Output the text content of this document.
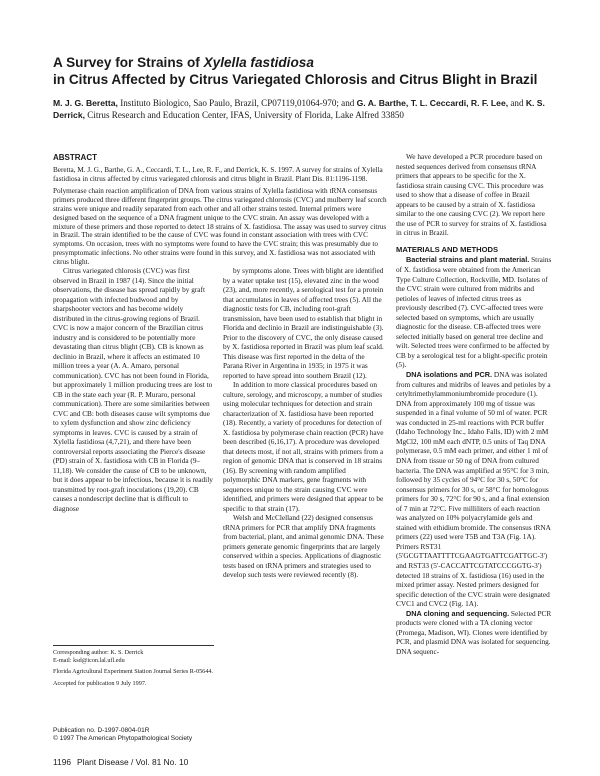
A Survey for Strains of Xylella fastidiosa
in Citrus Affected by Citrus Variegated Chlorosis and Citrus Blight in Brazil
M. J. G. Beretta, Instituto Biologico, Sao Paulo, Brazil, CP07119,01064-970; and G. A. Barthe, T. L. Ceccardi, R. F. Lee, and K. S. Derrick, Citrus Research and Education Center, IFAS, University of Florida, Lake Alfred 33850
ABSTRACT

Beretta, M. J. G., Barthe, G. A., Ceccardi, T. L., Lee, R. F., and Derrick, K. S. 1997. A survey for strains of Xylella fastidiosa in citrus affected by citrus variegated chlorosis and citrus blight in Brazil. Plant Dis. 81:1196-1198.

Polymerase chain reaction amplification of DNA from various strains of Xylella fastidiosa with tRNA consensus primers produced three different fingerprint groups. The citrus variegated chlorosis (CVC) and mulberry leaf scorch strains were unique and readily separated from each other and all other strains tested. Internal primers were designed based on the sequence of a DNA fragment unique to the CVC strain. An assay was developed with a mixture of these primers and those reported to detect 18 strains of X. fastidiosa. The assay was used to survey citrus in Brazil. The strain identified to be the cause of CVC was found in constant association with trees with CVC symptoms. On occasion, trees with no symptoms were found to have the CVC strain; this was presumably due to presymptomatic infections. No other strains were found in this survey, and X. fastidiosa was not associated with citrus blight.

We have developed a PCR procedure based on nested sequences derived from consensus tRNA primers that appears to be specific for the X. fastidiosa strain causing CVC. This procedure was used to show that a disease of coffee in Brazil appears to be caused by a strain of X. fastidiosa similar to the one causing CVC (2). We report here the use of PCR to survey for strains of X. fastidiosa in citrus in Brazil.

MATERIALS AND METHODS

Bacterial strains and plant material. Strains of X. fastidiosa were obtained from the American Type Culture Collection, Rockville, MD. Isolates of the CVC strain were cultured from midribs and petioles of leaves of infected citrus trees as previously described (7). CVC-affected trees were selected based on symptoms, which are usually diagnostic for the disease. CB-affected trees were selected initially based on general tree decline and wilt. Selected trees were confirmed to be affected by CB by a serological test for a blight-specific protein (5).

DNA isolations and PCR. DNA was isolated from cultures and midribs of leaves and petioles by a cetyltrimethylammoniumbromide procedure (1). DNA from approximately 100 mg of tissue was suspended in a final volume of 50 ml of water. PCR was conducted in 25-ml reactions with PCR buffer (Idaho Technology Inc., Idaho Falls, ID) with 2 mM MgCl2, 100 mM each dNTP, 0.5 units of Taq DNA polymerase, 0.5 mM each primer, and either 1 ml of DNA from tissue or 50 ng of DNA from cultured bacteria. The DNA was amplified at 95°C for 3 min, followed by 35 cycles of 94°C for 30 s, 50°C for consensus primers for 30 s, or 58°C for homologous primers for 30 s, 72°C for 90 s, and a final extension of 7 min at 72°C. Five milliliters of each reaction was analyzed on 10% polyacrylamide gels and stained with ethidium bromide. The consensus tRNA primers (22) used were T5B and T3A (Fig. 1A). Primers RST31 (5'GCGTTAATTTTCGAAGTGATTCGATTGC-3') and RST33 (5'-CACCATTCGTATCCCGGTG-3') detected 18 strains of X. fastidiosa (16) used in the mixed primer assay. Nested primers designed for specific detection of the CVC strain were designated CVC1 and CVC2 (Fig. 1A).

DNA cloning and sequencing. Selected PCR products were cloned with a TA cloning vector (Promega, Madison, WI). Clones were identified by PCR, and plasmid DNA was isolated for sequencing. DNA sequenc-

Citrus variegated chlorosis (CVC) was first observed in Brazil in 1987 (14). Since the initial observations, the disease has spread rapidly by graft propagation with infected budwood and by sharpshooter vectors and has become widely distributed in the citrus-growing regions of Brazil. CVC is now a major concern of the Brazilian citrus industry and is considered to be potentially more devastating than citrus blight (CB). CB is known as declinio in Brazil, where it affects an estimated 10 million trees a year (A. A. Amaro, personal communication). CVC has not been found in Florida, but approximately 1 million producing trees are lost to CB in the state each year (R. P. Muraro, personal communication). There are some similarities between CVC and CB: both diseases cause wilt symptoms due to xylem dysfunction and show zinc deficiency symptoms in leaves. CVC is caused by a strain of Xylella fastidiosa (4,7,21), and there have been controversial reports associating the Pierce's disease (PD) strain of X. fastidiosa with CB in Florida (9–11,18). We consider the cause of CB to be unknown, but it does appear to be infectious, because it is readily transmitted by root-graft inoculations (19,20). CB causes a nondescript decline that is difficult to diagnose

by symptoms alone. Trees with blight are identified by a water uptake test (15), elevated zinc in the wood (23), and, more recently, a serological test for a protein that accumulates in leaves of affected trees (5). All the diagnostic tests for CB, including root-graft transmission, have been used to establish that blight in Florida and declinio in Brazil are indistinguishable (3). Prior to the discovery of CVC, the only disease caused by X. fastidiosa reported in Brazil was plum leaf scald. This disease was first reported in the delta of the Parana River in Argentina in 1935; in 1975 it was reported to have spread into southern Brazil (12).

In addition to more classical procedures based on culture, serology, and microscopy, a number of studies using molecular techniques for detection and strain characterization of X. fastidiosa have been reported (18). Recently, a variety of procedures for detection of X. fastidiosa by polymerase chain reaction (PCR) have been described (6,16,17). A procedure was developed that detects most, if not all, strains with primers from a region of genomic DNA that is conserved in 18 strains (16). By screening with random amplified polymorphic DNA markers, gene fragments with sequences unique to the strain causing CVC were identified, and primers were designed that appear to be specific to that strain (17).

Welsh and McClelland (22) designed consensus tRNA primers for PCR that amplify DNA fragments from bacterial, plant, and animal genomic DNA. These primers generate genomic fingerprints that are largely conserved within a species. Applications of diagnostic tests based on tRNA primers and strategies used to develop such tests were reviewed recently (8).

Corresponding author: K. S. Derrick
E-mail: ksd@icon.lal.ufl.edu

Florida Agricultural Experiment Station Journal Series R-05644.

Accepted for publication 9 July 1997.

Publication no. D-1997-0804-01R
© 1997 The American Phytopathological Society
1196 Plant Disease / Vol. 81 No. 10
